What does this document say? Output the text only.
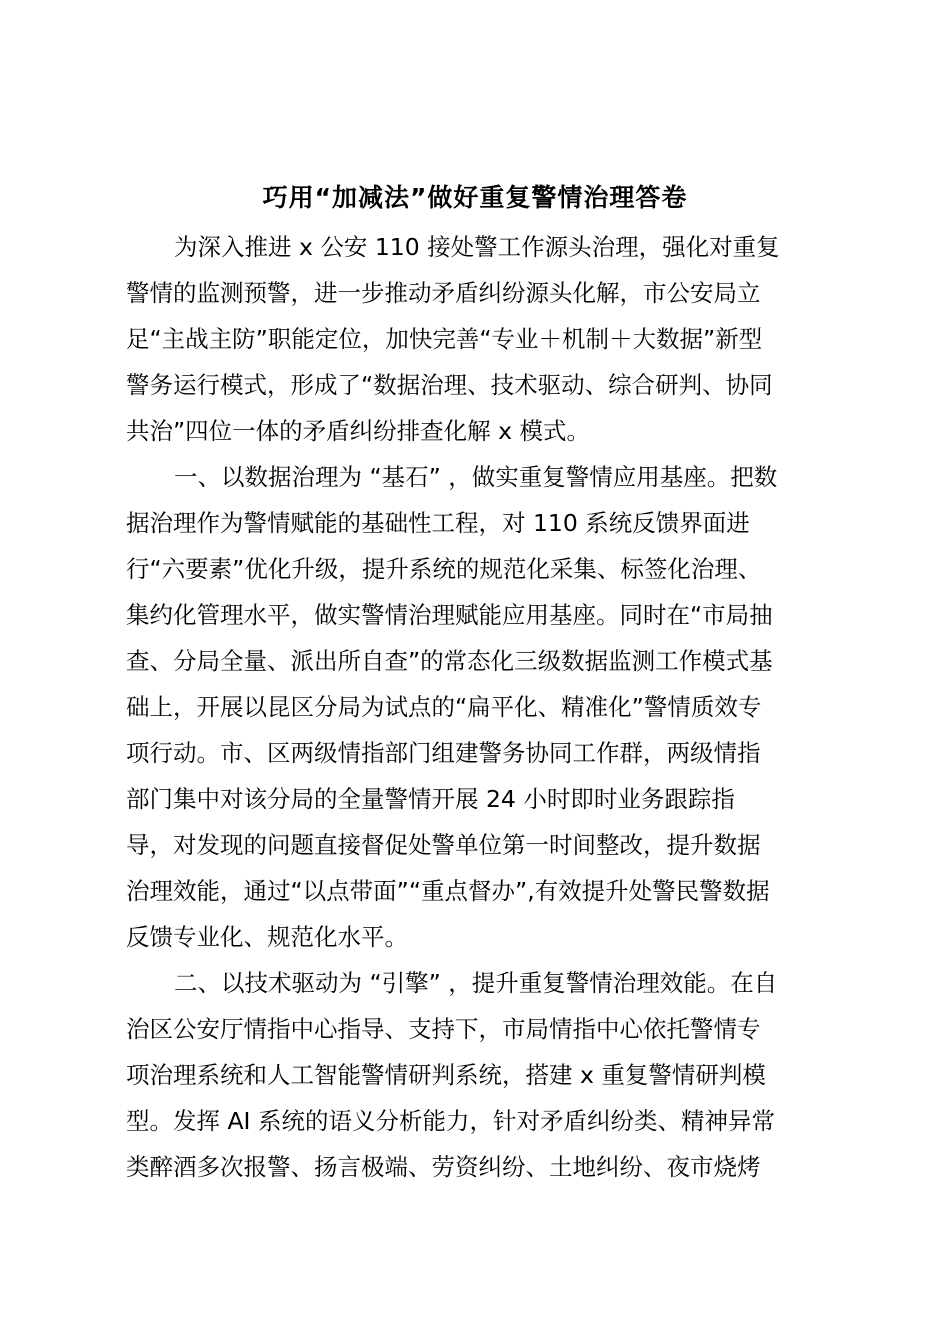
巧用“加减法”做好重复警情治理答卷
为深入推进 x 公安 110 接处警工作源头治理，强化对重复
警情的监测预警，进一步推动矛盾纠纷源头化解，市公安局立
足“主战主防”职能定位，加快完善“专业＋机制＋大数据”新型
警务运行模式，形成了“数据治理、技术驱动、综合研判、协同
共治”四位一体的矛盾纠纷排查化解 x 模式。
一、以数据治理为 “基石” ，做实重复警情应用基座。把数
据治理作为警情赋能的基础性工程，对 110 系统反馈界面进
行“六要素”优化升级，提升系统的规范化采集、标签化治理、
集约化管理水平，做实警情治理赋能应用基座。同时在“市局抽
查、分局全量、派出所自查”的常态化三级数据监测工作模式基
础上，开展以昆区分局为试点的“扁平化、精准化”警情质效专
项行动。市、区两级情指部门组建警务协同工作群，两级情指
部门集中对该分局的全量警情开展 24 小时即时业务跟踪指
导，对发现的问题直接督促处警单位第一时间整改，提升数据
治理效能，通过“以点带面”“重点督办”,有效提升处警民警数据
反馈专业化、规范化水平。
二、以技术驱动为 “引擎” ，提升重复警情治理效能。在自
治区公安厅情指中心指导、支持下，市局情指中心依托警情专
项治理系统和人工智能警情研判系统，搭建 x 重复警情研判模
型。发挥 AI 系统的语义分析能力，针对矛盾纠纷类、精神异常
类醉酒多次报警、扬言极端、劳资纠纷、土地纠纷、夜市烧烤
